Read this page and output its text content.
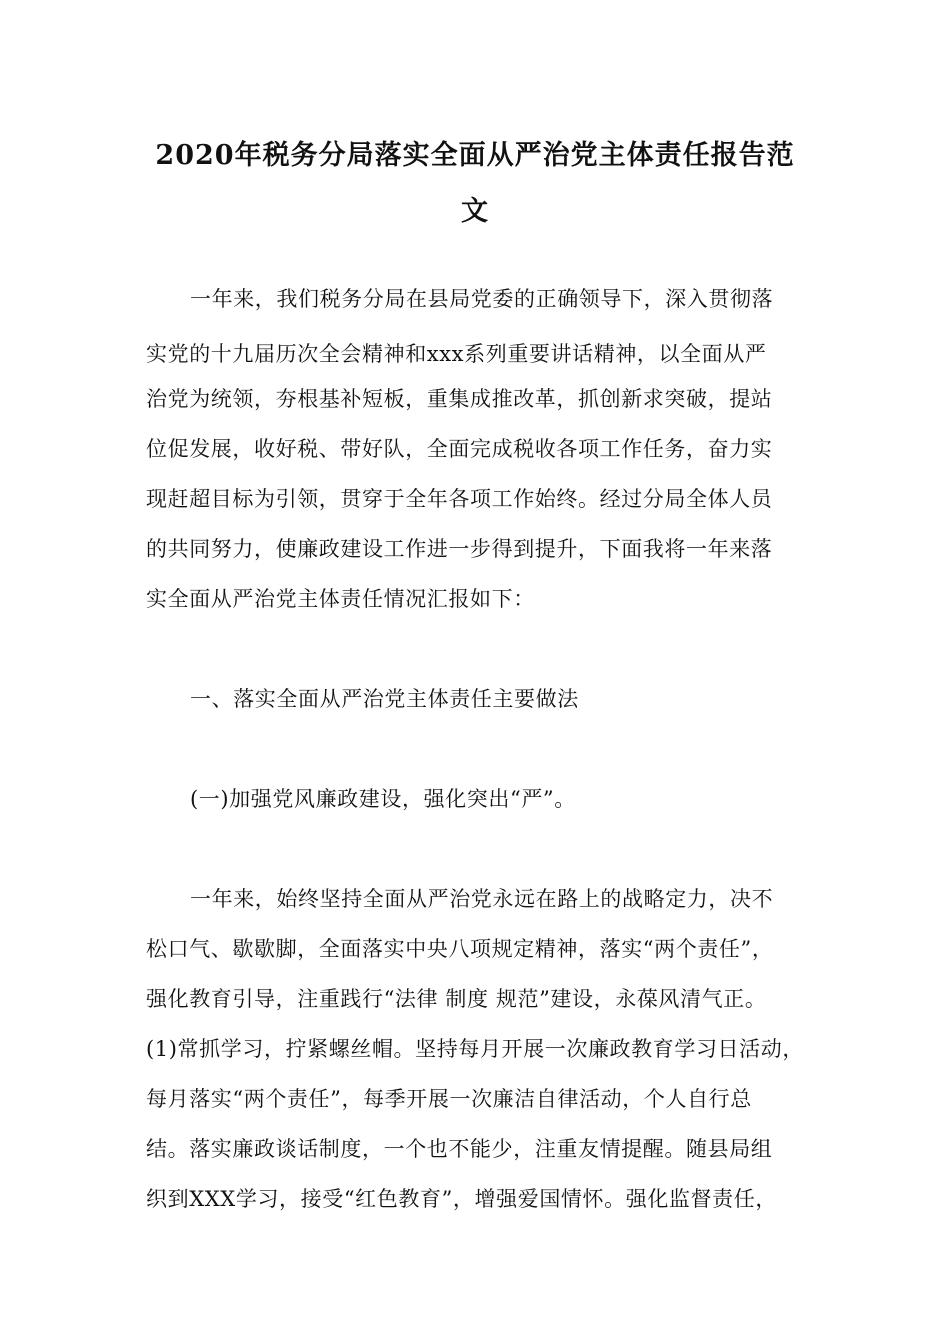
2020年税务分局落实全面从严治党主体责任报告范
文
一年来，我们税务分局在县局党委的正确领导下，深入贯彻落
实党的十九届历次全会精神和xxx系列重要讲话精神，以全面从严
治党为统领，夯根基补短板，重集成推改革，抓创新求突破，提站
位促发展，收好税、带好队，全面完成税收各项工作任务，奋力实
现赶超目标为引领，贯穿于全年各项工作始终。经过分局全体人员
的共同努力，使廉政建设工作进一步得到提升，下面我将一年来落
实全面从严治党主体责任情况汇报如下：
一、落实全面从严治党主体责任主要做法
(一)加强党风廉政建设，强化突出“严”。
一年来，始终坚持全面从严治党永远在路上的战略定力，决不
松口气、歇歇脚，全面落实中央八项规定精神，落实“两个责任”，
强化教育引导，注重践行“法律 制度 规范”建设，永葆风清气正。
(1)常抓学习，拧紧螺丝帽。坚持每月开展一次廉政教育学习日活动，
每月落实“两个责任”，每季开展一次廉洁自律活动，个人自行总
结。落实廉政谈话制度，一个也不能少，注重友情提醒。随县局组
织到XXX学习，接受“红色教育”，增强爱国情怀。强化监督责任，
